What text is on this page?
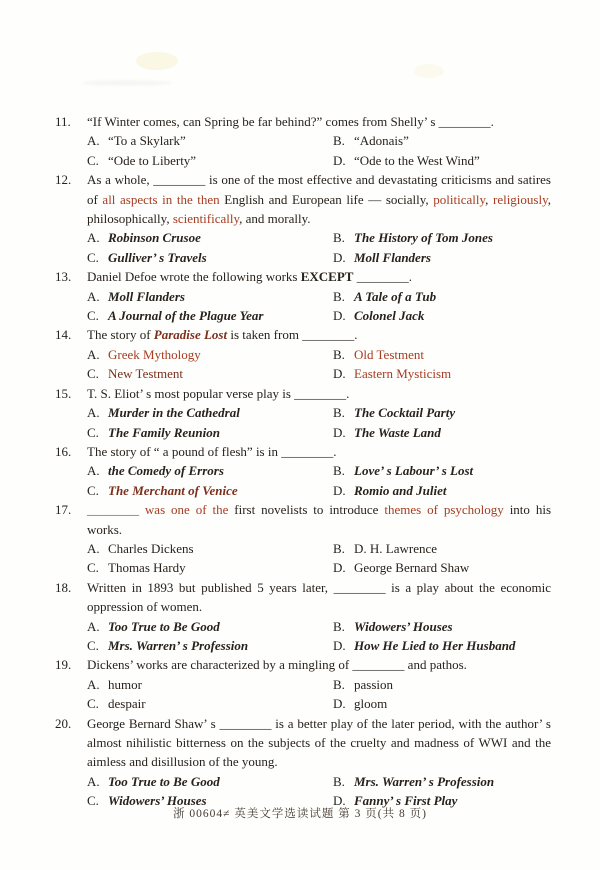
11. “If Winter comes, can Spring be far behind?” comes from Shelly’ s ________.
A. “To a Skylark”	B. “Adonais”
C. “Ode to Liberty”	D. “Ode to the West Wind”
12. As a whole, ________ is one of the most effective and devastating criticisms and satires of all aspects in the then English and European life — socially, politically, religiously, philosophically, scientifically, and morally.
A. Robinson Crusoe	B. The History of Tom Jones
C. Gulliver’ s Travels	D. Moll Flanders
13. Daniel Defoe wrote the following works EXCEPT ________.
A. Moll Flanders	B. A Tale of a Tub
C. A Journal of the Plague Year	D. Colonel Jack
14. The story of Paradise Lost is taken from ________.
A. Greek Mythology	B. Old Testment
C. New Testment	D. Eastern Mysticism
15. T. S. Eliot’ s most popular verse play is ________.
A. Murder in the Cathedral	B. The Cocktail Party
C. The Family Reunion	D. The Waste Land
16. The story of “ a pound of flesh” is in ________.
A. the Comedy of Errors	B. Love’ s Labour’ s Lost
C. The Merchant of Venice	D. Romio and Juliet
17. ________ was one of the first novelists to introduce themes of psychology into his works.
A. Charles Dickens	B. D. H. Lawrence
C. Thomas Hardy	D. George Bernard Shaw
18. Written in 1893 but published 5 years later, ________ is a play about the economic oppression of women.
A. Too True to Be Good	B. Widowers’ Houses
C. Mrs. Warren’ s Profession	D. How He Lied to Her Husband
19. Dickens’ works are characterized by a mingling of ________ and pathos.
A. humor	B. passion
C. despair	D. gloom
20. George Bernard Shaw’ s ________ is a better play of the later period, with the author’ s almost nihilistic bitterness on the subjects of the cruelty and madness of WWI and the aimless and disillusion of the young.
A. Too True to Be Good	B. Mrs. Warren’ s Profession
C. Widowers’ Houses	D. Fanny’ s First Play
浙 00604≠ 英美文学选读试题 第 3 页(共 8 页)
